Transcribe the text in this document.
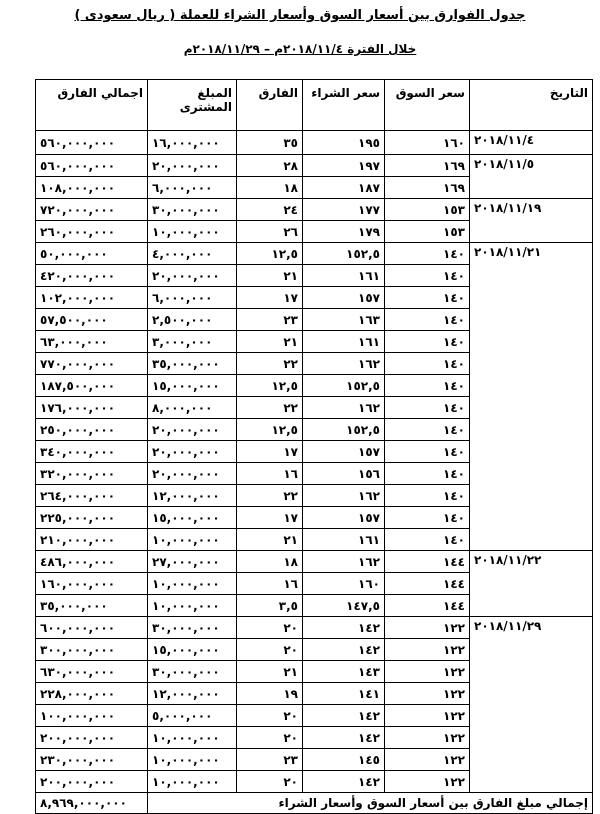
جدول الفوارق بين أسعار السوق وأسعار الشراء للعملة ( ريال سعودى )
خلال الفترة ٢٠١٨/١١/٤م – ٢٠١٨/١١/٢٩م
التاريخ	سعر السوق	سعر الشراء	الفارق	المبلغ المشترى	اجمالي الفارق
٢٠١٨/١١/٤	١٦٠	١٩٥	٣٥	١٦,٠٠٠,٠٠٠	٥٦٠,٠٠٠,٠٠٠
٢٠١٨/١١/٥	١٦٩	١٩٧	٢٨	٢٠,٠٠٠,٠٠٠	٥٦٠,٠٠٠,٠٠٠
	١٦٩	١٨٧	١٨	٦,٠٠٠,٠٠٠	١٠٨,٠٠٠,٠٠٠
٢٠١٨/١١/١٩	١٥٣	١٧٧	٢٤	٣٠,٠٠٠,٠٠٠	٧٢٠,٠٠٠,٠٠٠
	١٥٣	١٧٩	٢٦	١٠,٠٠٠,٠٠٠	٢٦٠,٠٠٠,٠٠٠
٢٠١٨/١١/٢١	١٤٠	١٥٢,٥	١٢,٥	٤,٠٠٠,٠٠٠	٥٠,٠٠٠,٠٠٠
	١٤٠	١٦١	٢١	٢٠,٠٠٠,٠٠٠	٤٢٠,٠٠٠,٠٠٠
	١٤٠	١٥٧	١٧	٦,٠٠٠,٠٠٠	١٠٢,٠٠٠,٠٠٠
	١٤٠	١٦٣	٢٣	٢,٥٠٠,٠٠٠	٥٧,٥٠٠,٠٠٠
	١٤٠	١٦١	٢١	٣,٠٠٠,٠٠٠	٦٣,٠٠٠,٠٠٠
	١٤٠	١٦٢	٢٢	٣٥,٠٠٠,٠٠٠	٧٧٠,٠٠٠,٠٠٠
	١٤٠	١٥٢,٥	١٢,٥	١٥,٠٠٠,٠٠٠	١٨٧,٥٠٠,٠٠٠
	١٤٠	١٦٢	٢٢	٨,٠٠٠,٠٠٠	١٧٦,٠٠٠,٠٠٠
	١٤٠	١٥٢,٥	١٢,٥	٢٠,٠٠٠,٠٠٠	٢٥٠,٠٠٠,٠٠٠
	١٤٠	١٥٧	١٧	٢٠,٠٠٠,٠٠٠	٣٤٠,٠٠٠,٠٠٠
	١٤٠	١٥٦	١٦	٢٠,٠٠٠,٠٠٠	٣٢٠,٠٠٠,٠٠٠
	١٤٠	١٦٢	٢٢	١٢,٠٠٠,٠٠٠	٢٦٤,٠٠٠,٠٠٠
	١٤٠	١٥٧	١٧	١٥,٠٠٠,٠٠٠	٢٢٥,٠٠٠,٠٠٠
	١٤٠	١٦١	٢١	١٠,٠٠٠,٠٠٠	٢١٠,٠٠٠,٠٠٠
٢٠١٨/١١/٢٢	١٤٤	١٦٢	١٨	٢٧,٠٠٠,٠٠٠	٤٨٦,٠٠٠,٠٠٠
	١٤٤	١٦٠	١٦	١٠,٠٠٠,٠٠٠	١٦٠,٠٠٠,٠٠٠
	١٤٤	١٤٧,٥	٣,٥	١٠,٠٠٠,٠٠٠	٣٥,٠٠٠,٠٠٠
٢٠١٨/١١/٢٩	١٢٢	١٤٢	٢٠	٣٠,٠٠٠,٠٠٠	٦٠٠,٠٠٠,٠٠٠
	١٢٢	١٤٢	٢٠	١٥,٠٠٠,٠٠٠	٣٠٠,٠٠٠,٠٠٠
	١٢٢	١٤٣	٢١	٣٠,٠٠٠,٠٠٠	٦٣٠,٠٠٠,٠٠٠
	١٢٢	١٤١	١٩	١٢,٠٠٠,٠٠٠	٢٢٨,٠٠٠,٠٠٠
	١٢٢	١٤٢	٢٠	٥,٠٠٠,٠٠٠	١٠٠,٠٠٠,٠٠٠
	١٢٢	١٤٢	٢٠	١٠,٠٠٠,٠٠٠	٢٠٠,٠٠٠,٠٠٠
	١٢٢	١٤٥	٢٣	١٠,٠٠٠,٠٠٠	٢٣٠,٠٠٠,٠٠٠
	١٢٢	١٤٢	٢٠	١٠,٠٠٠,٠٠٠	٢٠٠,٠٠٠,٠٠٠
إجمالي مبلغ الفارق بين أسعار السوق وأسعار الشراء					٨,٩٦٩,٠٠٠,٠٠٠
